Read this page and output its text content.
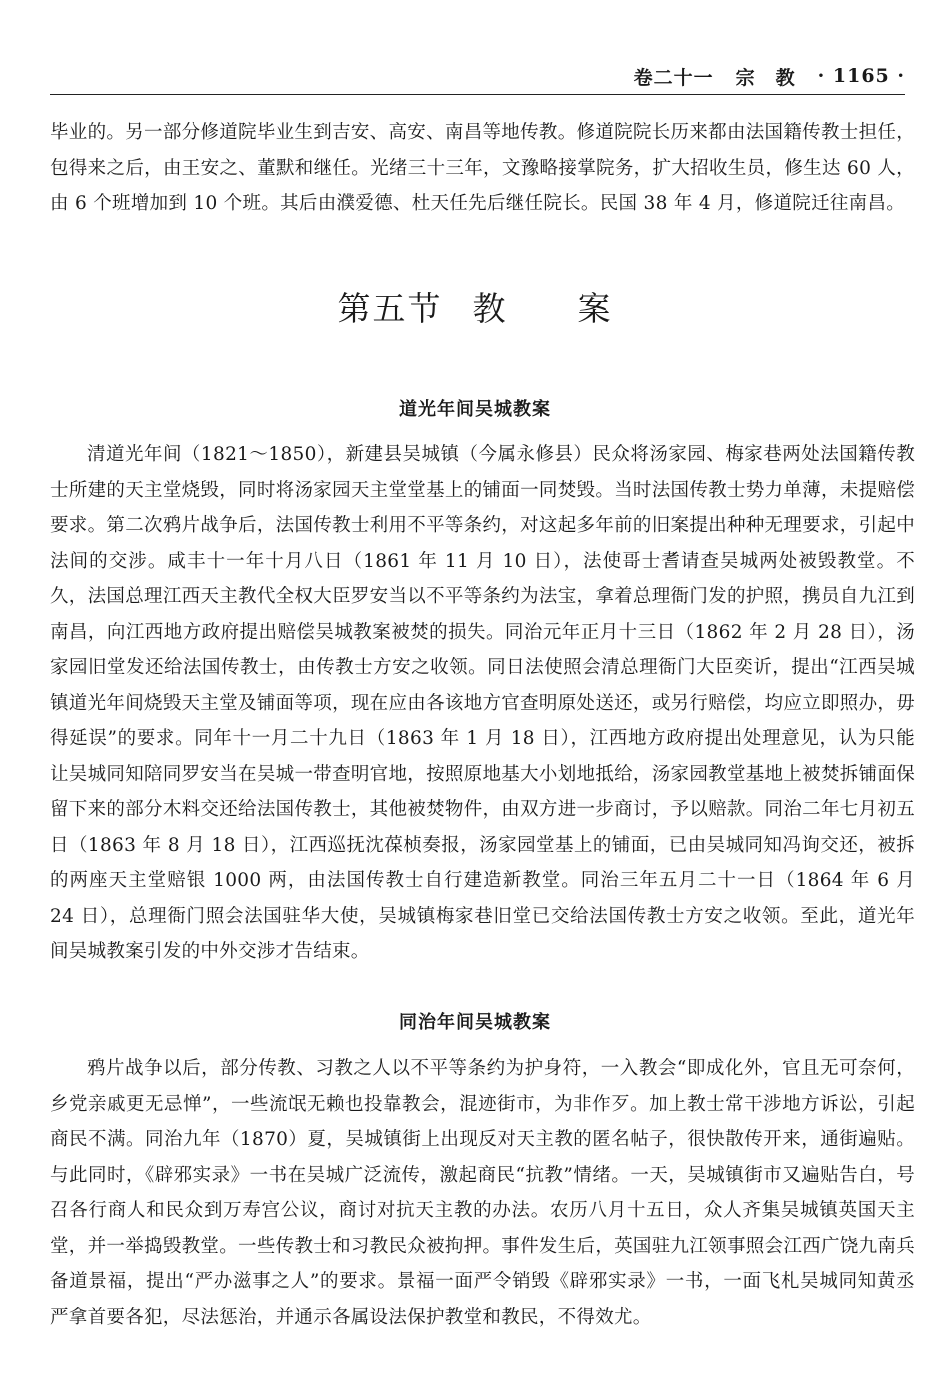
卷二十一 宗　教 · 1165 ·

毕业的。另一部分修道院毕业生到吉安、高安、南昌等地传教。修道院院长历来都由法国籍传教士担任，包得来之后，由王安之、董默和继任。光绪三十三年，文豫略接掌院务，扩大招收生员，修生达 60 人，由 6 个班增加到 10 个班。其后由濮爱德、杜天任先后继任院长。民国 38 年 4 月，修道院迁往南昌。

第五节 教　　案
道光年间吴城教案

清道光年间（1821～1850），新建县吴城镇（今属永修县）民众将汤家园、梅家巷两处法国籍传教士所建的天主堂烧毁，同时将汤家园天主堂堂基上的铺面一同焚毁。当时法国传教士势力单薄，未提赔偿要求。第二次鸦片战争后，法国传教士利用不平等条约，对这起多年前的旧案提出种种无理要求，引起中法间的交涉。咸丰十一年十月八日（1861 年 11 月 10 日），法使哥士耆请查吴城两处被毁教堂。不久，法国总理江西天主教代全权大臣罗安当以不平等条约为法宝，拿着总理衙门发的护照，携员自九江到南昌，向江西地方政府提出赔偿吴城教案被焚的损失。同治元年正月十三日（1862 年 2 月 28 日），汤家园旧堂发还给法国传教士，由传教士方安之收领。同日法使照会清总理衙门大臣奕䜣，提出“江西吴城镇道光年间烧毁天主堂及铺面等项，现在应由各该地方官查明原处送还，或另行赔偿，均应立即照办，毋得延误”的要求。同年十一月二十九日（1863 年 1 月 18 日），江西地方政府提出处理意见，认为只能让吴城同知陪同罗安当在吴城一带查明官地，按照原地基大小划地抵给，汤家园教堂基地上被焚拆铺面保留下来的部分木料交还给法国传教士，其他被焚物件，由双方进一步商讨，予以赔款。同治二年七月初五日（1863 年 8 月 18 日），江西巡抚沈葆桢奏报，汤家园堂基上的铺面，已由吴城同知冯询交还，被拆的两座天主堂赔银 1000 两，由法国传教士自行建造新教堂。同治三年五月二十一日（1864 年 6 月 24 日），总理衙门照会法国驻华大使，吴城镇梅家巷旧堂已交给法国传教士方安之收领。至此，道光年间吴城教案引发的中外交涉才告结束。

同治年间吴城教案

鸦片战争以后，部分传教、习教之人以不平等条约为护身符，一入教会“即成化外，官且无可奈何，乡党亲戚更无忌惮”，一些流氓无赖也投靠教会，混迹街市，为非作歹。加上教士常干涉地方诉讼，引起商民不满。同治九年（1870）夏，吴城镇街上出现反对天主教的匿名帖子，很快散传开来，通街遍贴。与此同时，《辟邪实录》一书在吴城广泛流传，激起商民“抗教”情绪。一天，吴城镇街市又遍贴告白，号召各行商人和民众到万寿宫公议，商讨对抗天主教的办法。农历八月十五日，众人齐集吴城镇英国天主堂，并一举捣毁教堂。一些传教士和习教民众被拘押。事件发生后，英国驻九江领事照会江西广饶九南兵备道景福，提出“严办滋事之人”的要求。景福一面严令销毁《辟邪实录》一书，一面飞札吴城同知黄丞严拿首要各犯，尽法惩治，并通示各属设法保护教堂和教民，不得效尤。
